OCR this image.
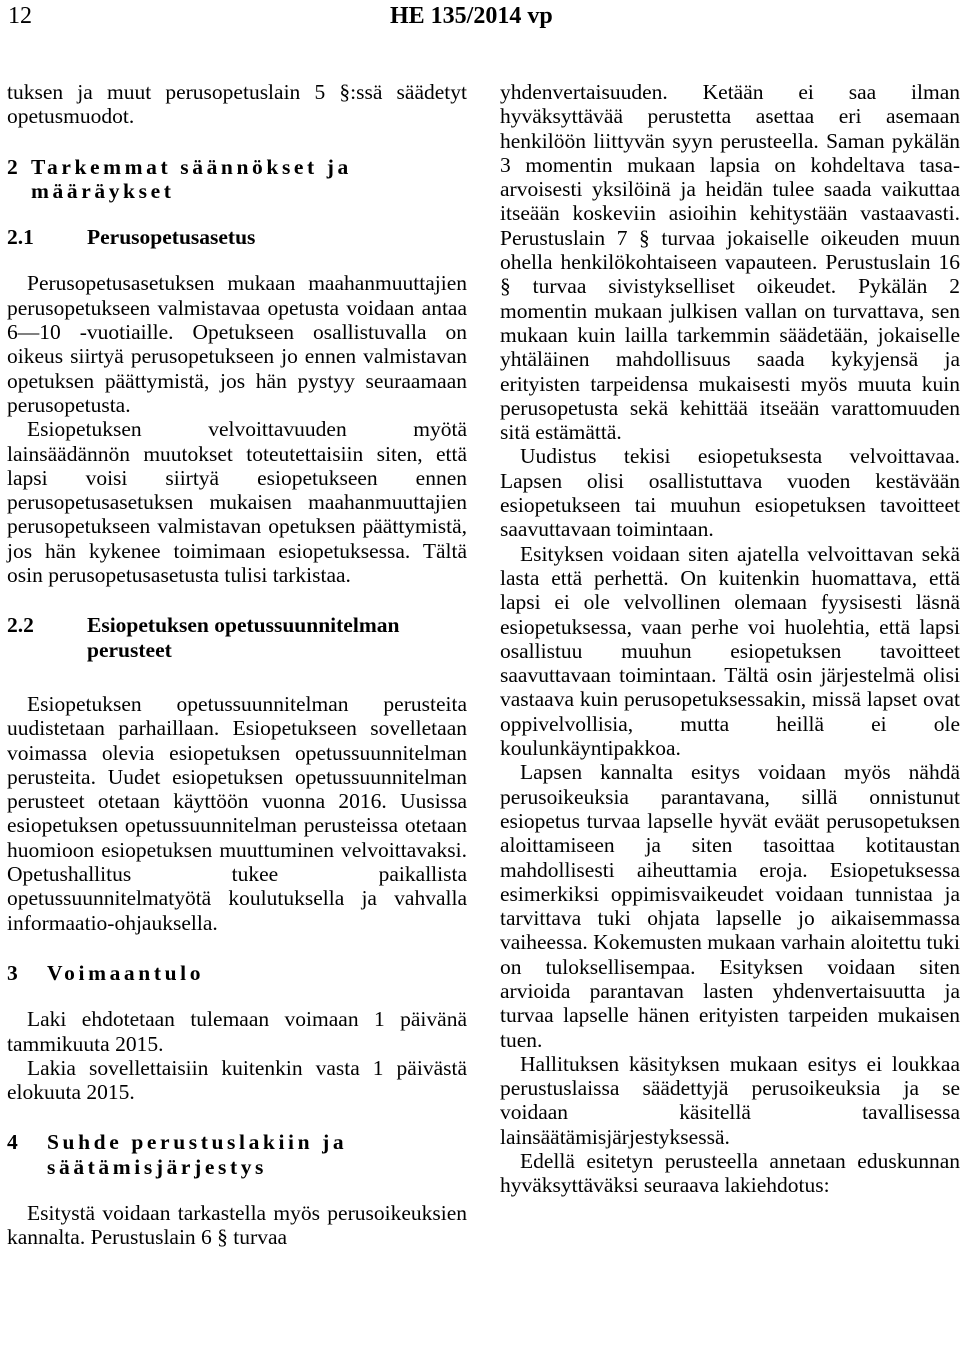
12	HE 135/2014 vp

tuksen ja muut perusopetuslain 5 §:ssä säädetyt opetusmuodot.

2 Tarkemmat säännökset ja määräykset
2.1	Perusopetusasetus

Perusopetusasetuksen mukaan maahanmuuttajien perusopetukseen valmistavaa opetusta voidaan antaa 6—10 -vuotiaille. Opetukseen osallistuvalla on oikeus siirtyä perusopetukseen jo ennen valmistavan opetuksen päättymistä, jos hän pystyy seuraamaan perusopetusta.

Esiopetuksen velvoittavuuden myötä lainsäädännön muutokset toteutettaisiin siten, että lapsi voisi siirtyä esiopetukseen ennen perusopetusasetuksen mukaisen maahanmuuttajien perusopetukseen valmistavan opetuksen päättymistä, jos hän kykenee toimimaan esiopetuksessa. Tältä osin perusopetusasetusta tulisi tarkistaa.

2.2	Esiopetuksen opetussuunnitelman perusteet

Esiopetuksen opetussuunnitelman perusteita uudistetaan parhaillaan. Esiopetukseen sovelletaan voimassa olevia esiopetuksen opetussuunnitelman perusteita. Uudet esiopetuksen opetussuunnitelman perusteet otetaan käyttöön vuonna 2016. Uusissa esiopetuksen opetussuunnitelman perusteissa otetaan huomioon esiopetuksen muuttuminen velvoittavaksi. Opetushallitus tukee paikallista opetussuunnitelmatyötä koulutuksella ja vahvalla informaatio-ohjauksella.

3	Voimaantulo

Laki ehdotetaan tulemaan voimaan 1 päivänä tammikuuta 2015.

Lakia sovellettaisiin kuitenkin vasta 1 päivästä elokuuta 2015.

4	Suhde perustuslakiin ja säätämisjärjestys

Esitystä voidaan tarkastella myös perusoikeuksien kannalta. Perustuslain 6 § turvaa

yhdenvertaisuuden. Ketään ei saa ilman hyväksyttävää perustetta asettaa eri asemaan henkilöön liittyvän syyn perusteella. Saman pykälän 3 momentin mukaan lapsia on kohdeltava tasa-arvoisesti yksilöinä ja heidän tulee saada vaikuttaa itseään koskeviin asioihin kehitystään vastaavasti. Perustuslain 7 § turvaa jokaiselle oikeuden muun ohella henkilökohtaiseen vapauteen. Perustuslain 16 § turvaa sivistykselliset oikeudet. Pykälän 2 momentin mukaan julkisen vallan on turvattava, sen mukaan kuin lailla tarkemmin säädetään, jokaiselle yhtäläinen mahdollisuus saada kykyjensä ja erityisten tarpeidensa mukaisesti myös muuta kuin perusopetusta sekä kehittää itseään varattomuuden sitä estämättä.

Uudistus tekisi esiopetuksesta velvoittavaa. Lapsen olisi osallistuttava vuoden kestävään esiopetukseen tai muuhun esiopetuksen tavoitteet saavuttavaan toimintaan.

Esityksen voidaan siten ajatella velvoittavan sekä lasta että perhettä. On kuitenkin huomattava, että lapsi ei ole velvollinen olemaan fyysisesti läsnä esiopetuksessa, vaan perhe voi huolehtia, että lapsi osallistuu muuhun esiopetuksen tavoitteet saavuttavaan toimintaan. Tältä osin järjestelmä olisi vastaava kuin perusopetuksessakin, missä lapset ovat oppivelvollisia, mutta heillä ei ole koulunkäyntipakkoa.

Lapsen kannalta esitys voidaan myös nähdä perusoikeuksia parantavana, sillä onnistunut esiopetus turvaa lapselle hyvät eväät perusopetuksen aloittamiseen ja siten tasoittaa kotitaustan mahdollisesti aiheuttamia eroja. Esiopetuksessa esimerkiksi oppimisvaikeudet voidaan tunnistaa ja tarvittava tuki ohjata lapselle jo aikaisemmassa vaiheessa. Kokemusten mukaan varhain aloitettu tuki on tuloksellisempaa. Esityksen voidaan siten arvioida parantavan lasten yhdenvertaisuutta ja turvaa lapselle hänen erityisten tarpeiden mukaisen tuen.

Hallituksen käsityksen mukaan esitys ei loukkaa perustuslaissa säädettyjä perusoikeuksia ja se voidaan käsitellä tavallisessa lainsäätämisjärjestyksessä.

Edellä esitetyn perusteella annetaan eduskunnan hyväksyttäväksi seuraava lakiehdotus:
